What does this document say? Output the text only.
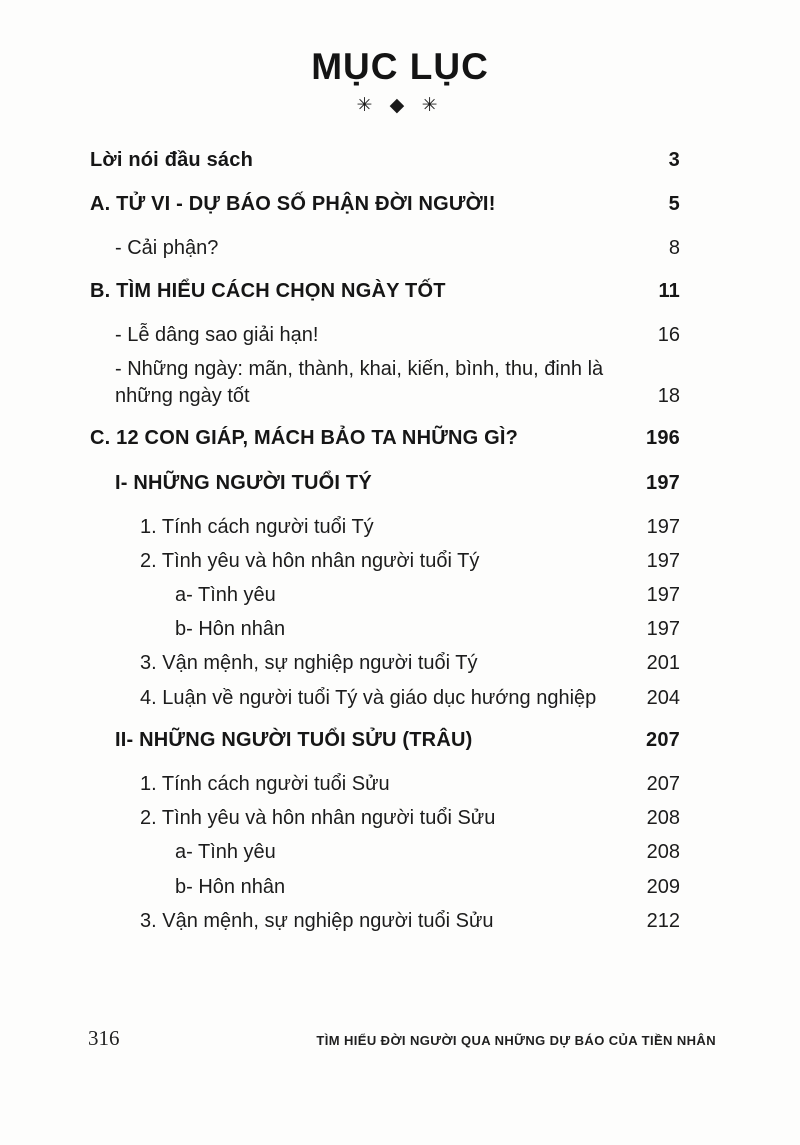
MỤC LỤC
✳ ◆ ✳
Lời nói đầu sách	3
A. TỬ VI - DỰ BÁO SỐ PHẬN ĐỜI NGƯỜI!	5
- Cải phận?	8
B. TÌM HIỂU CÁCH CHỌN NGÀY TỐT	11
- Lễ dâng sao giải hạn!	16
- Những ngày: mãn, thành, khai, kiến, bình, thu, đinh là những ngày tốt	18
C. 12 CON GIÁP, MÁCH BẢO TA NHỮNG GÌ?	196
I- NHỮNG NGƯỜI TUỔI TÝ	197
1. Tính cách người tuổi Tý	197
2. Tình yêu và hôn nhân người tuổi Tý	197
a- Tình yêu	197
b- Hôn nhân	197
3. Vận mệnh, sự nghiệp người tuổi Tý	201
4. Luận về người tuổi Tý và giáo dục hướng nghiệp	204
II- NHỮNG NGƯỜI TUỔI SỬU (TRÂU)	207
1. Tính cách người tuổi Sửu	207
2. Tình yêu và hôn nhân người tuổi Sửu	208
a- Tình yêu	208
b- Hôn nhân	209
3. Vận mệnh, sự nghiệp người tuổi Sửu	212
316	TÌM HIỂU ĐỜI NGƯỜI QUA NHỮNG DỰ BÁO CỦA TIỀN NHÂN
